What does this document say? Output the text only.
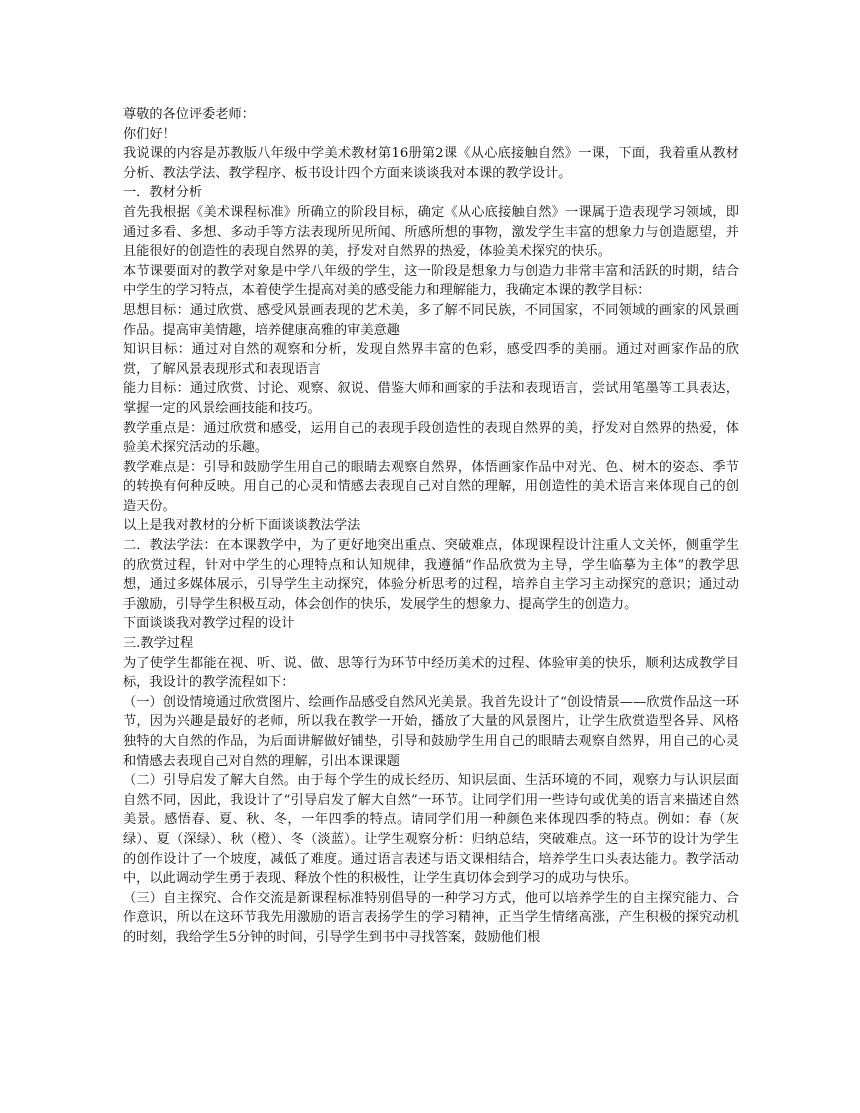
尊敬的各位评委老师：

你们好！

我说课的内容是苏教版八年级中学美术教材第16册第2课《从心底接触自然》一课，下面，我着重从教材分析、教法学法、教学程序、板书设计四个方面来谈谈我对本课的教学设计。

一．教材分析

首先我根据《美术课程标准》所确立的阶段目标，确定《从心底接触自然》一课属于造表现学习领域，即通过多看、多想、多动手等方法表现所见所闻、所感所想的事物，激发学生丰富的想象力与创造愿望，并且能很好的创造性的表现自然界的美，抒发对自然界的热爱，体验美术探究的快乐。

本节课要面对的教学对象是中学八年级的学生，这一阶段是想象力与创造力非常丰富和活跃的时期，结合中学生的学习特点，本着使学生提高对美的感受能力和理解能力，我确定本课的教学目标：

思想目标：通过欣赏、感受风景画表现的艺术美，多了解不同民族，不同国家，不同领域的画家的风景画作品。提高审美情趣，培养健康高雅的审美意趣

知识目标：通过对自然的观察和分析，发现自然界丰富的色彩，感受四季的美丽。通过对画家作品的欣赏，了解风景表现形式和表现语言

能力目标：通过欣赏、讨论、观察、叙说、借鉴大师和画家的手法和表现语言，尝试用笔墨等工具表达，掌握一定的风景绘画技能和技巧。

教学重点是：通过欣赏和感受，运用自己的表现手段创造性的表现自然界的美，抒发对自然界的热爱，体验美术探究活动的乐趣。

教学难点是：引导和鼓励学生用自己的眼睛去观察自然界，体悟画家作品中对光、色、树木的姿态、季节的转换有何种反映。用自己的心灵和情感去表现自己对自然的理解，用创造性的美术语言来体现自己的创造天份。

以上是我对教材的分析下面谈谈教法学法

二．教法学法：在本课教学中，为了更好地突出重点、突破难点，体现课程设计注重人文关怀，侧重学生的欣赏过程，针对中学生的心理特点和认知规律，我遵循“作品欣赏为主导，学生临摹为主体”的教学思想，通过多媒体展示，引导学生主动探究，体验分析思考的过程，培养自主学习主动探究的意识；通过动手激励，引导学生积极互动，体会创作的快乐，发展学生的想象力、提高学生的创造力。

下面谈谈我对教学过程的设计

三.教学过程

为了使学生都能在视、听、说、做、思等行为环节中经历美术的过程、体验审美的快乐，顺利达成教学目标，我设计的教学流程如下：

（一）创设情境通过欣赏图片、绘画作品感受自然风光美景。我首先设计了“创设情景——欣赏作品这一环节，因为兴趣是最好的老师，所以我在教学一开始，播放了大量的风景图片，让学生欣赏造型各异、风格独特的大自然的作品，为后面讲解做好铺垫，引导和鼓励学生用自己的眼睛去观察自然界，用自己的心灵和情感去表现自己对自然的理解，引出本课课题

（二）引导启发了解大自然。由于每个学生的成长经历、知识层面、生活环境的不同，观察力与认识层面自然不同，因此，我设计了“引导启发了解大自然”一环节。让同学们用一些诗句或优美的语言来描述自然美景。感悟春、夏、秋、冬，一年四季的特点。请同学们用一种颜色来体现四季的特点。例如：春（灰绿）、夏（深绿）、秋（橙）、冬（淡蓝）。让学生观察分析：归纳总结，突破难点。这一环节的设计为学生的创作设计了一个坡度，减低了难度。通过语言表述与语文课相结合，培养学生口头表达能力。教学活动中，以此调动学生勇于表现、释放个性的积极性，让学生真切体会到学习的成功与快乐。

（三）自主探究、合作交流是新课程标准特别倡导的一种学习方式，他可以培养学生的自主探究能力、合作意识，所以在这环节我先用激励的语言表扬学生的学习精神，正当学生情绪高涨，产生积极的探究动机的时刻，我给学生5分钟的时间，引导学生到书中寻找答案，鼓励他们根
